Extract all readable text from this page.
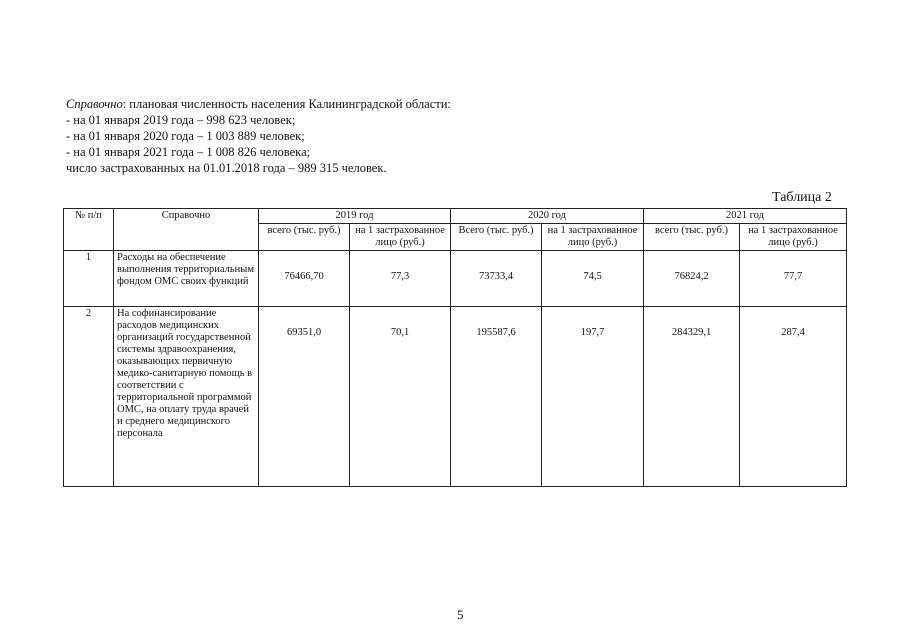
Справочно: плановая численность населения Калининградской области:
- на 01 января 2019 года – 998 623 человек;
- на 01 января 2020 года – 1 003 889 человек;
- на 01 января 2021 года – 1 008 826 человека;
число застрахованных на 01.01.2018 года – 989 315 человек.
Таблица 2
№ п/п	Справочно	2019 год		2020 год		2021 год	
		всего (тыс. руб.)	на 1 застрахованное лицо (руб.)	Всего (тыс. руб.)	на 1 застрахованное лицо (руб.)	всего (тыс. руб.)	на 1 застрахованное лицо (руб.)
1	Расходы на обеспечение выполнения территориальным фондом ОМС своих функций	76466,70	77,3	73733,4	74,5	76824,2	77,7
2	На софинансирование расходов медицинских организаций государственной системы здравоохранения, оказывающих первичную медико-санитарную помощь в соответствии с территориальной программой ОМС, на оплату труда врачей и среднего медицинского персонала	69351,0	70,1	195587,6	197,7	284329,1	287,4
5
